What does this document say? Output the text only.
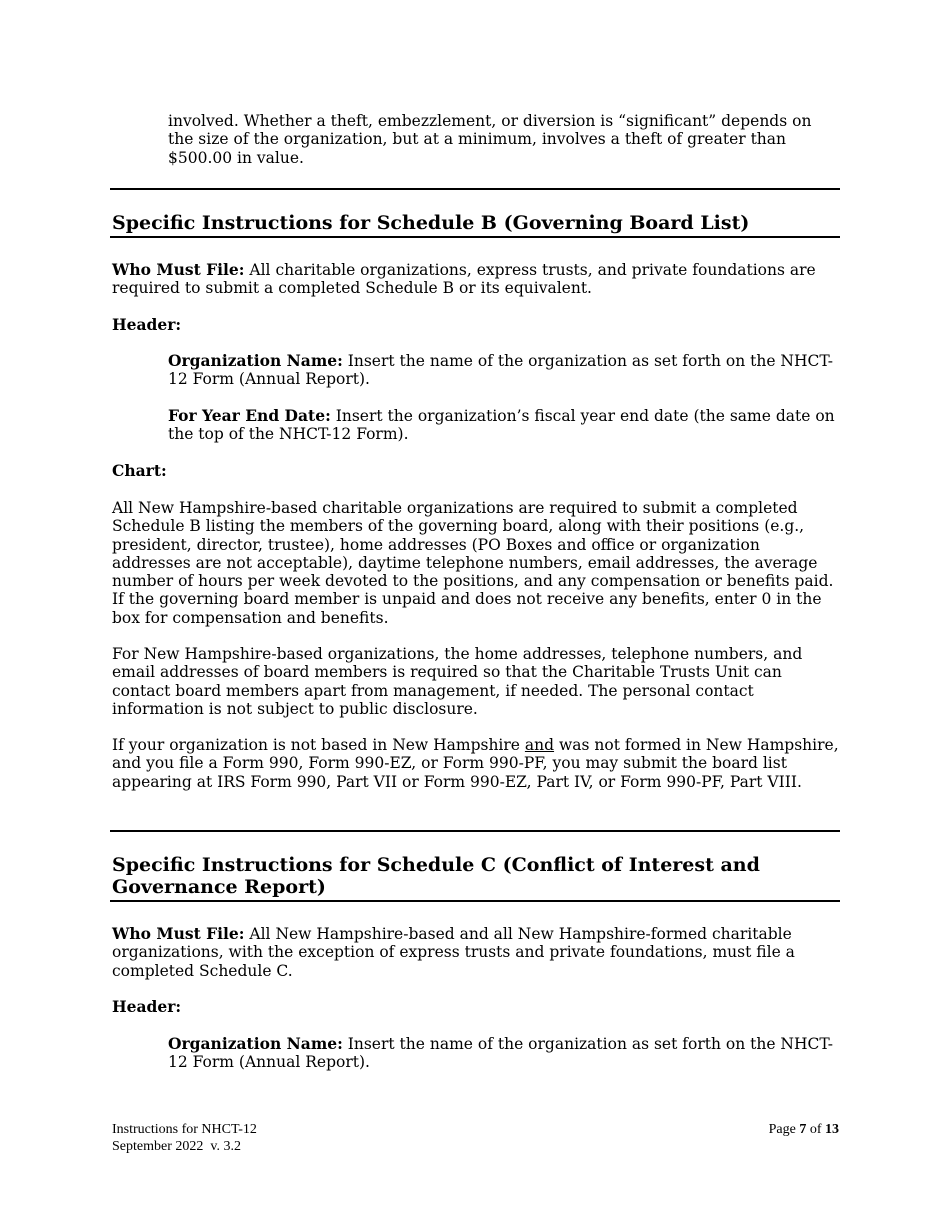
involved. Whether a theft, embezzlement, or diversion is “significant” depends on the size of the organization, but at a minimum, involves a theft of greater than $500.00 in value.

Specific Instructions for Schedule B (Governing Board List)

Who Must File: All charitable organizations, express trusts, and private foundations are required to submit a completed Schedule B or its equivalent.

Header:

Organization Name: Insert the name of the organization as set forth on the NHCT-12 Form (Annual Report).

For Year End Date: Insert the organization’s fiscal year end date (the same date on the top of the NHCT-12 Form).

Chart:

All New Hampshire-based charitable organizations are required to submit a completed Schedule B listing the members of the governing board, along with their positions (e.g., president, director, trustee), home addresses (PO Boxes and office or organization addresses are not acceptable), daytime telephone numbers, email addresses, the average number of hours per week devoted to the positions, and any compensation or benefits paid. If the governing board member is unpaid and does not receive any benefits, enter 0 in the box for compensation and benefits.

For New Hampshire-based organizations, the home addresses, telephone numbers, and email addresses of board members is required so that the Charitable Trusts Unit can contact board members apart from management, if needed. The personal contact information is not subject to public disclosure.

If your organization is not based in New Hampshire and was not formed in New Hampshire, and you file a Form 990, Form 990-EZ, or Form 990-PF, you may submit the board list appearing at IRS Form 990, Part VII or Form 990-EZ, Part IV, or Form 990-PF, Part VIII.

Specific Instructions for Schedule C (Conflict of Interest and Governance Report)

Who Must File: All New Hampshire-based and all New Hampshire-formed charitable organizations, with the exception of express trusts and private foundations, must file a completed Schedule C.

Header:

Organization Name: Insert the name of the organization as set forth on the NHCT-12 Form (Annual Report).

Instructions for NHCT-12
September 2022  v. 3.2
Page 7 of 13
